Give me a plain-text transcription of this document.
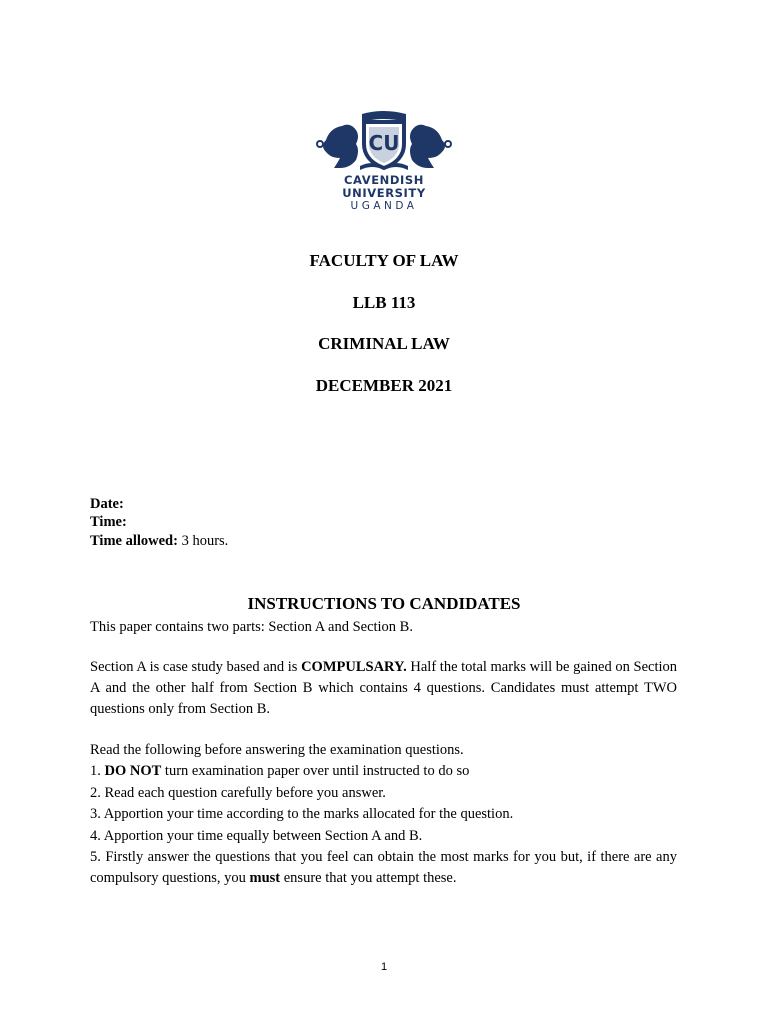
CU
CAVENDISH
UNIVERSITY
UGANDA
FACULTY OF LAW
LLB 113
CRIMINAL LAW
DECEMBER 2021
Date:
Time:
Time allowed: 3 hours.
INSTRUCTIONS TO CANDIDATES
This paper contains two parts: Section A and Section B.
Section A is case study based and is COMPULSARY. Half the total marks will be gained on Section A and the other half from Section B which contains 4 questions. Candidates must attempt TWO questions only from Section B.
Read the following before answering the examination questions.
1. DO NOT turn examination paper over until instructed to do so
2. Read each question carefully before you answer.
3. Apportion your time according to the marks allocated for the question.
4. Apportion your time equally between Section A and B.
5. Firstly answer the questions that you feel can obtain the most marks for you but, if there are any compulsory questions, you must ensure that you attempt these.
1
